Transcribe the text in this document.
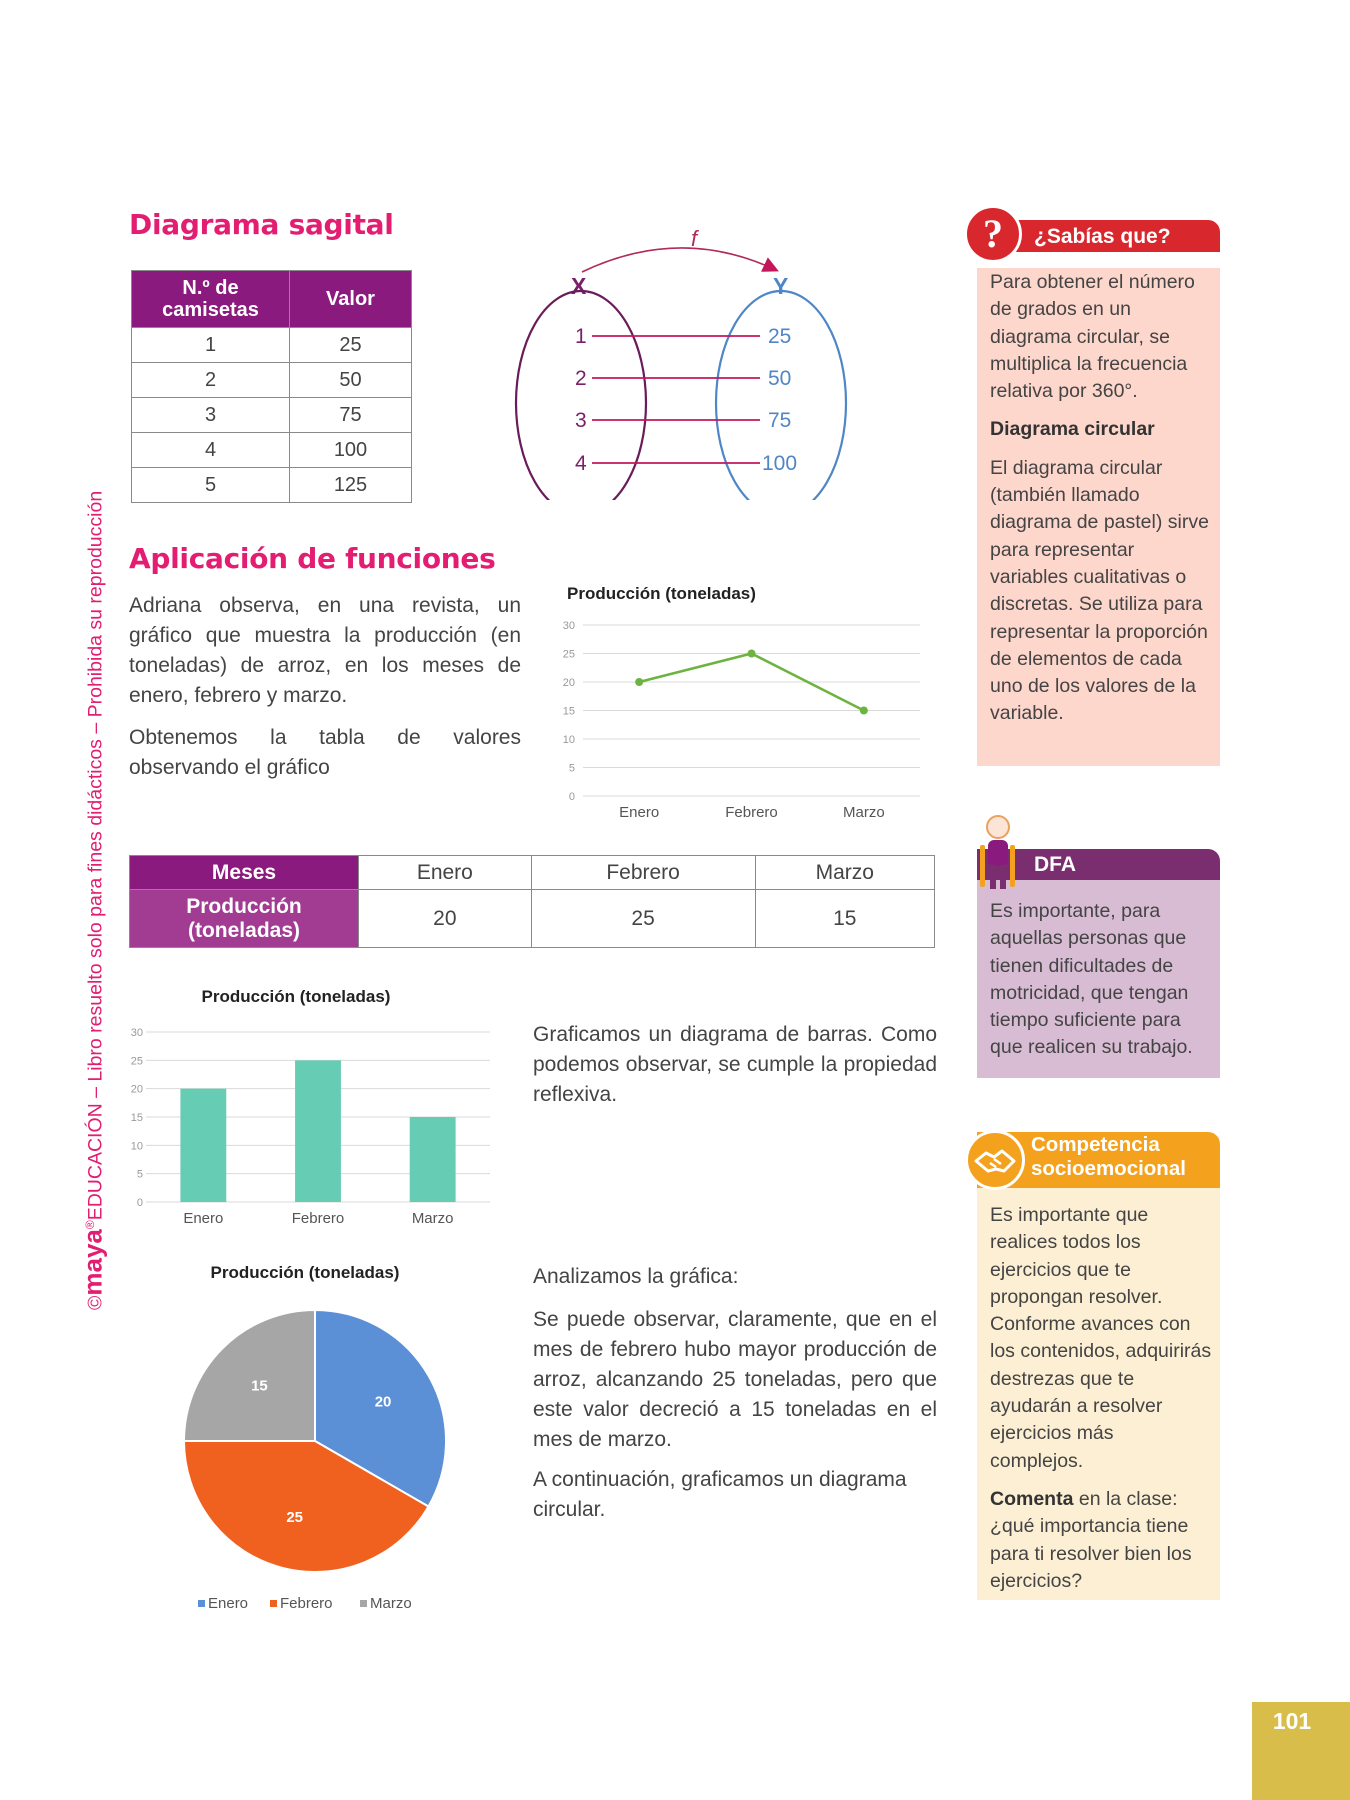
©maya®EDUCACIÓN – Libro resuelto solo para fines didácticos – Prohibida su reproducción
Diagrama sagital
N.º de camisetas	Valor
1	25
2	50
3	75
4	100
5	125
f
X	Y
1
2
3
4
25
50
75
100
Aplicación de funciones

Adriana observa, en una revista, un gráfico que muestra la producción (en toneladas) de arroz, en los meses de enero, febrero y marzo.

Obtenemos la tabla de valores observando el gráfico

Producción (toneladas)
0
5
10
15
20
25
30
Enero	Febrero	Marzo
Meses	Enero	Febrero	Marzo
Producción (toneladas)	20	25	15
Producción (toneladas)
0
5
10
15
20
25
30
Enero	Febrero	Marzo

Graficamos un diagrama de barras. Como podemos observar, se cumple la propiedad reflexiva.

Producción (toneladas)
20
25
15
Enero Febrero Marzo

Analizamos la gráfica:

Se puede observar, claramente, que en el mes de febrero hubo mayor producción de arroz, alcanzando 25 toneladas, pero que este valor decreció a 15 toneladas en el mes de marzo.

A continuación, graficamos un diagrama circular.

?	¿Sabías que?

Para obtener el número de grados en un diagrama circular, se multiplica la frecuencia relativa por 360°.

Diagrama circular

El diagrama circular (también llamado diagrama de pastel) sirve para representar variables cualitativas o discretas. Se utiliza para representar la proporción de elementos de cada uno de los valores de la variable.

DFA

Es importante, para aquellas personas que tienen dificultades de motricidad, que tengan tiempo suficiente para que realicen su trabajo.

Competencia
socioemocional

Es importante que realices todos los ejercicios que te propongan resolver. Conforme avances con los contenidos, adquirirás destrezas que te ayudarán a resolver ejercicios más complejos.

Comenta en la clase: ¿qué importancia tiene para ti resolver bien los ejercicios?

101
